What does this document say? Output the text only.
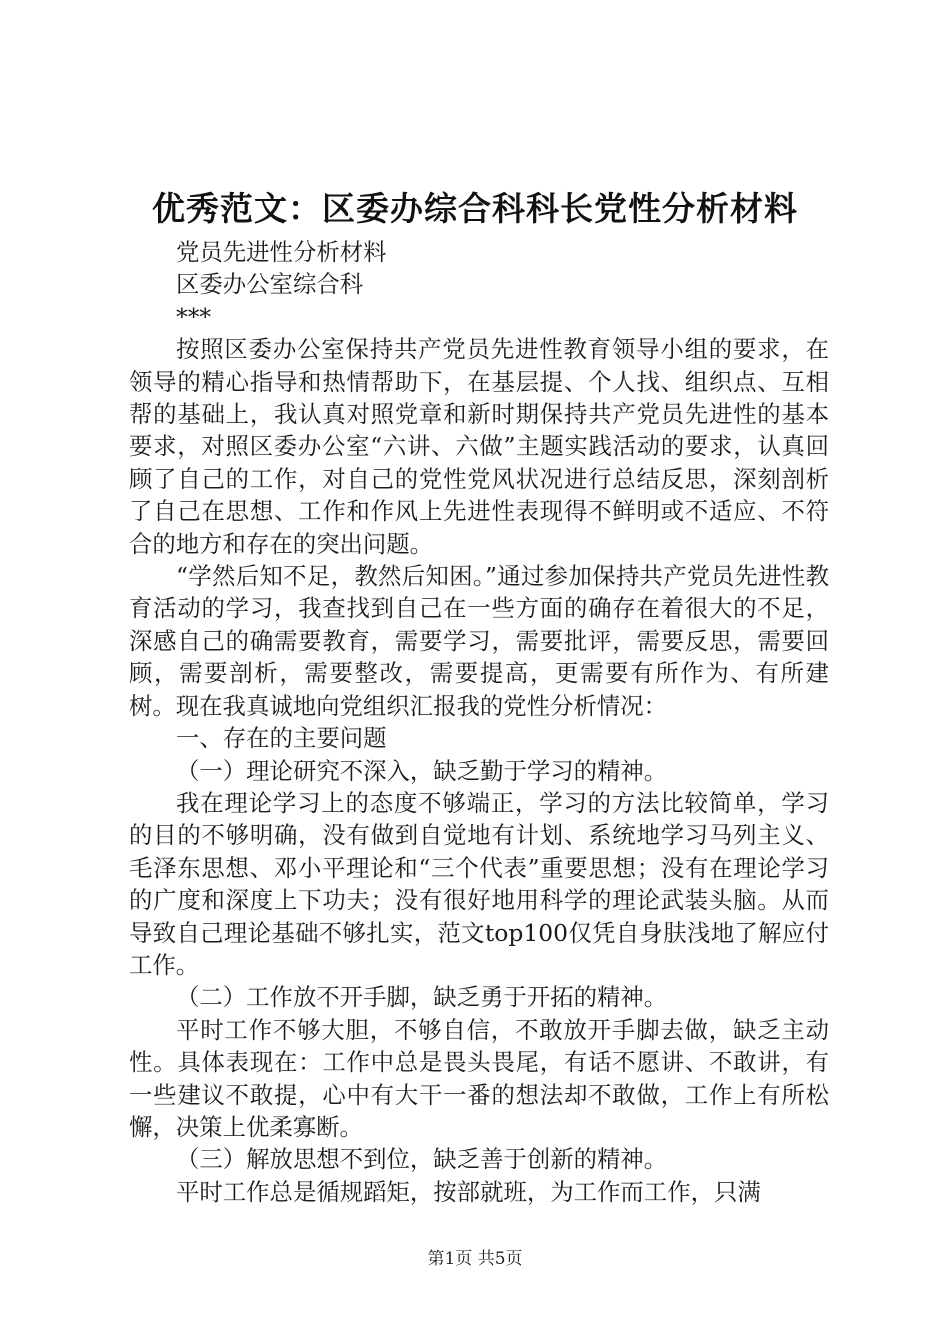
优秀范文：区委办综合科科长党性分析材料

党员先进性分析材料

区委办公室综合科

***

按照区委办公室保持共产党员先进性教育领导小组的要求，在领导的精心指导和热情帮助下，在基层提、个人找、组织点、互相帮的基础上，我认真对照党章和新时期保持共产党员先进性的基本要求，对照区委办公室“六讲、六做”主题实践活动的要求，认真回顾了自己的工作，对自己的党性党风状况进行总结反思，深刻剖析了自己在思想、工作和作风上先进性表现得不鲜明或不适应、不符合的地方和存在的突出问题。

“学然后知不足，教然后知困。”通过参加保持共产党员先进性教育活动的学习，我查找到自己在一些方面的确存在着很大的不足，深感自己的确需要教育，需要学习，需要批评，需要反思，需要回顾，需要剖析，需要整改，需要提高，更需要有所作为、有所建树。现在我真诚地向党组织汇报我的党性分析情况：

一、存在的主要问题

（一）理论研究不深入，缺乏勤于学习的精神。

我在理论学习上的态度不够端正，学习的方法比较简单，学习的目的不够明确，没有做到自觉地有计划、系统地学习马列主义、毛泽东思想、邓小平理论和“三个代表”重要思想；没有在理论学习的广度和深度上下功夫；没有很好地用科学的理论武装头脑。从而导致自己理论基础不够扎实，范文top100仅凭自身肤浅地了解应付工作。

（二）工作放不开手脚，缺乏勇于开拓的精神。

平时工作不够大胆，不够自信，不敢放开手脚去做，缺乏主动性。具体表现在：工作中总是畏头畏尾，有话不愿讲、不敢讲，有一些建议不敢提，心中有大干一番的想法却不敢做，工作上有所松懈，决策上优柔寡断。

（三）解放思想不到位，缺乏善于创新的精神。

平时工作总是循规蹈矩，按部就班，为工作而工作，只满

第1页 共5页
